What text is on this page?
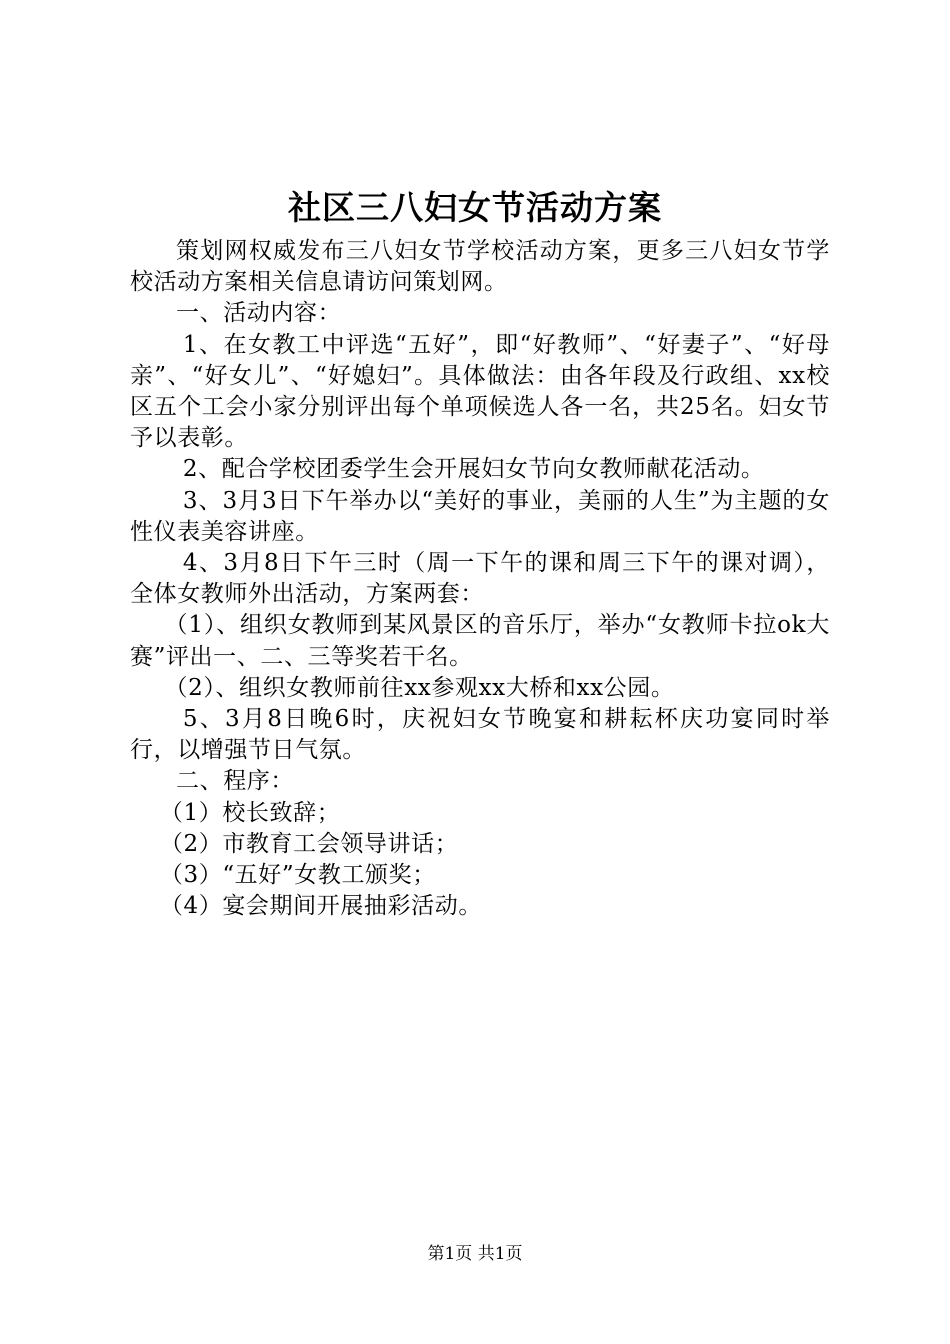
社区三八妇女节活动方案

策划网权威发布三八妇女节学校活动方案，更多三八妇女节学校活动方案相关信息请访问策划网。

一、活动内容：

1、在女教工中评选“五好”，即“好教师”、“好妻子”、“好母亲”、“好女儿”、“好媳妇”。具体做法：由各年段及行政组、xx校区五个工会小家分别评出每个单项候选人各一名，共25名。妇女节予以表彰。

2、配合学校团委学生会开展妇女节向女教师献花活动。

3、3月3日下午举办以“美好的事业，美丽的人生”为主题的女性仪表美容讲座。

4、3月8日下午三时（周一下午的课和周三下午的课对调），全体女教师外出活动，方案两套：

（1）、组织女教师到某风景区的音乐厅，举办“女教师卡拉ok大赛”评出一、二、三等奖若干名。

（2）、组织女教师前往xx参观xx大桥和xx公园。

5、3月8日晚6时，庆祝妇女节晚宴和耕耘杯庆功宴同时举行，以增强节日气氛。

二、程序：

（1）校长致辞；

（2）市教育工会领导讲话；

（3）“五好”女教工颁奖；

（4）宴会期间开展抽彩活动。

第1页 共1页
